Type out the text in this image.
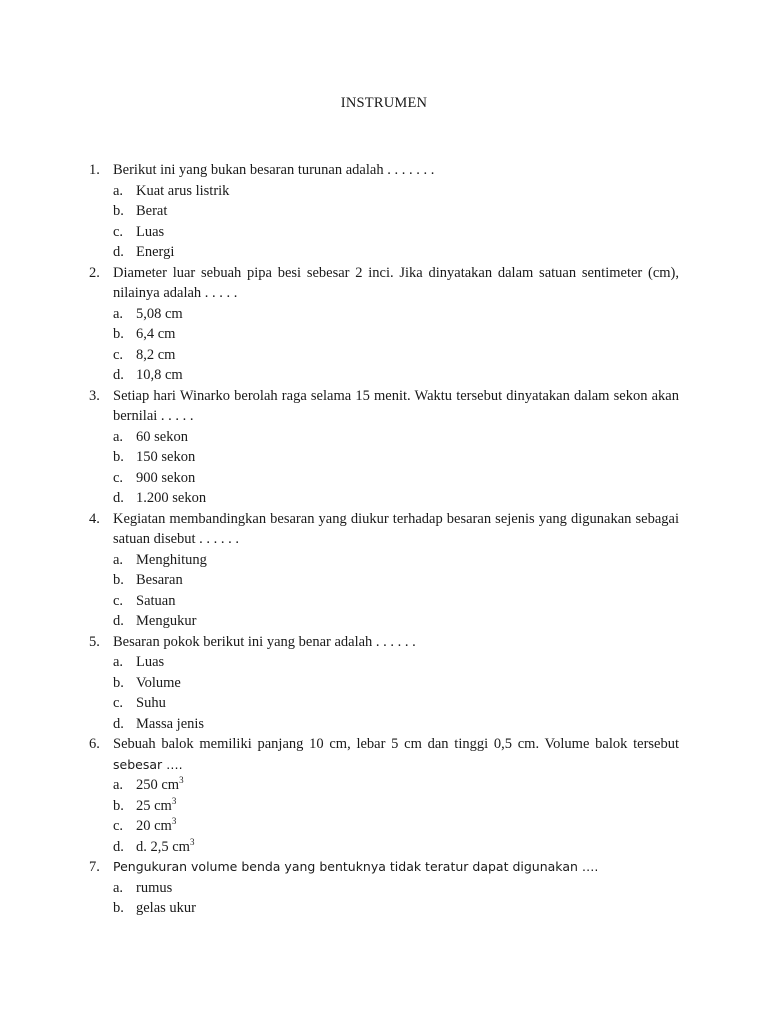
INSTRUMEN
1. Berikut ini yang bukan besaran turunan adalah . . . . . . .
a. Kuat arus listrik
b. Berat
c. Luas
d. Energi
2. Diameter luar sebuah pipa besi sebesar 2 inci. Jika dinyatakan dalam satuan sentimeter (cm), nilainya adalah . . . . .
a. 5,08 cm
b. 6,4 cm
c. 8,2 cm
d. 10,8 cm
3. Setiap hari Winarko berolah raga selama 15 menit. Waktu tersebut dinyatakan dalam sekon akan bernilai . . . . .
a. 60 sekon
b. 150 sekon
c. 900 sekon
d. 1.200 sekon
4. Kegiatan membandingkan besaran yang diukur terhadap besaran sejenis yang digunakan sebagai satuan disebut . . . . . .
a. Menghitung
b. Besaran
c. Satuan
d. Mengukur
5. Besaran pokok berikut ini yang benar adalah . . . . . .
a. Luas
b. Volume
c. Suhu
d. Massa jenis
6. Sebuah balok memiliki panjang 10 cm, lebar 5 cm dan tinggi 0,5 cm. Volume balok tersebut sebesar ….
a. 250 $cm^3$
b. 25 $cm^3$
c. 20 $cm^3$
d. d. 2,5 $cm^3$
7.	Pengukuran volume benda yang bentuknya tidak teratur dapat digunakan ….
a. rumus
b. gelas ukur
